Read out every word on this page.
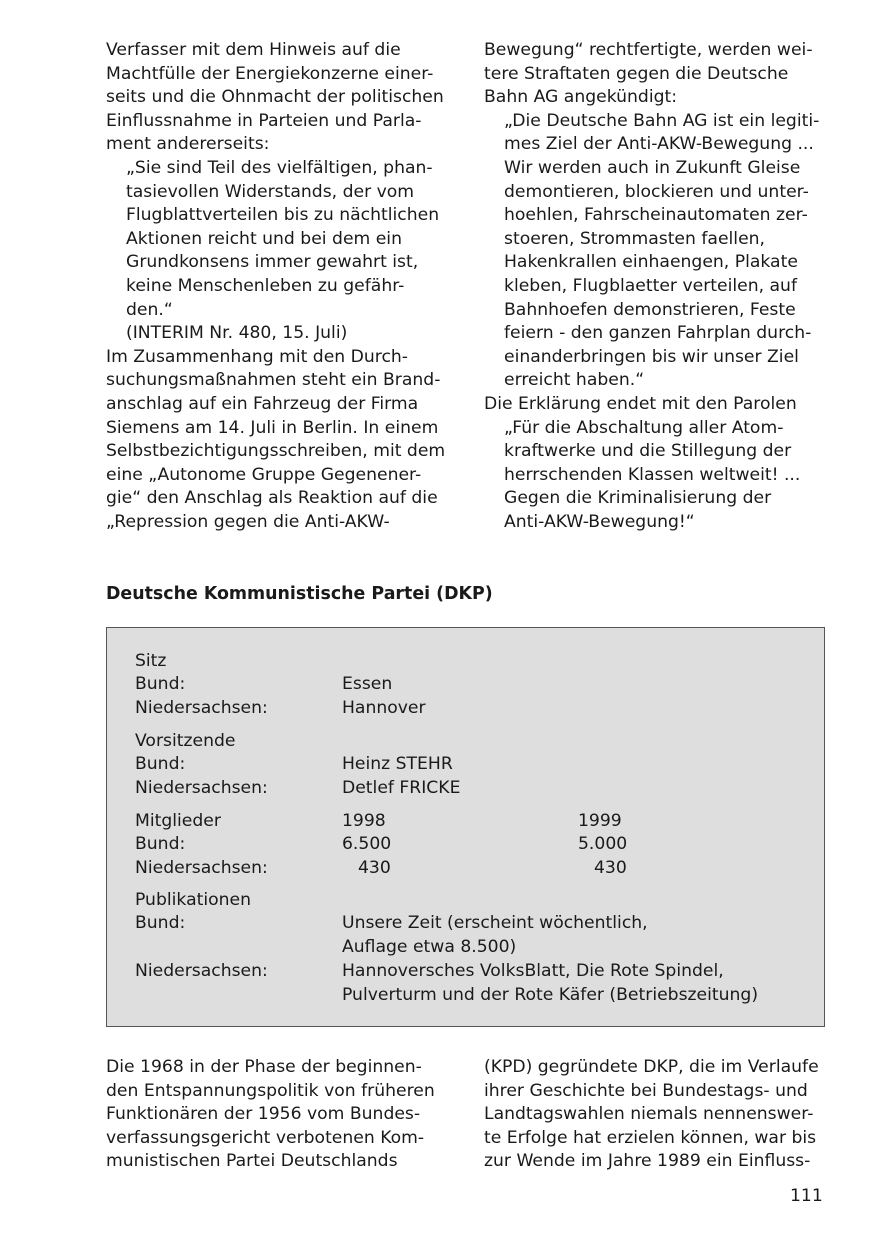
Verfasser mit dem Hinweis auf die
Machtfülle der Energiekonzerne einer-
seits und die Ohnmacht der politischen
Einflussnahme in Parteien und Parla-
ment andererseits:
„Sie sind Teil des vielfältigen, phan-
tasievollen Widerstands, der vom
Flugblattverteilen bis zu nächtlichen
Aktionen reicht und bei dem ein
Grundkonsens immer gewahrt ist,
keine Menschenleben zu gefähr-
den.“
(INTERIM Nr. 480, 15. Juli)
Im Zusammenhang mit den Durch-
suchungsmaßnahmen steht ein Brand-
anschlag auf ein Fahrzeug der Firma
Siemens am 14. Juli in Berlin. In einem
Selbstbezichtigungsschreiben, mit dem
eine „Autonome Gruppe Gegenener-
gie“ den Anschlag als Reaktion auf die
„Repression gegen die Anti-AKW-
Bewegung“ rechtfertigte, werden wei-
tere Straftaten gegen die Deutsche
Bahn AG angekündigt:
„Die Deutsche Bahn AG ist ein legiti-
mes Ziel der Anti-AKW-Bewegung ...
Wir werden auch in Zukunft Gleise
demontieren, blockieren und unter-
hoehlen, Fahrscheinautomaten zer-
stoeren, Strommasten faellen,
Hakenkrallen einhaengen, Plakate
kleben, Flugblaetter verteilen, auf
Bahnhoefen demonstrieren, Feste
feiern - den ganzen Fahrplan durch-
einanderbringen bis wir unser Ziel
erreicht haben.“
Die Erklärung endet mit den Parolen
„Für die Abschaltung aller Atom-
kraftwerke und die Stillegung der
herrschenden Klassen weltweit! ...
Gegen die Kriminalisierung der
Anti-AKW-Bewegung!“
Deutsche Kommunistische Partei (DKP)
Sitz
Bund:	Essen
Niedersachsen:	Hannover
Vorsitzende
Bund:	Heinz STEHR
Niedersachsen:	Detlef FRICKE
Mitglieder	1998	1999
Bund:	6.500	5.000
Niedersachsen:	430	430
Publikationen
Bund:	Unsere Zeit (erscheint wöchentlich,
Auflage etwa 8.500)
Niedersachsen:	Hannoversches VolksBlatt, Die Rote Spindel,
Pulverturm und der Rote Käfer (Betriebszeitung)
Die 1968 in der Phase der beginnen-
den Entspannungspolitik von früheren
Funktionären der 1956 vom Bundes-
verfassungsgericht verbotenen Kom-
munistischen Partei Deutschlands
(KPD) gegründete DKP, die im Verlaufe
ihrer Geschichte bei Bundestags- und
Landtagswahlen niemals nennenswer-
te Erfolge hat erzielen können, war bis
zur Wende im Jahre 1989 ein Einfluss-
111
